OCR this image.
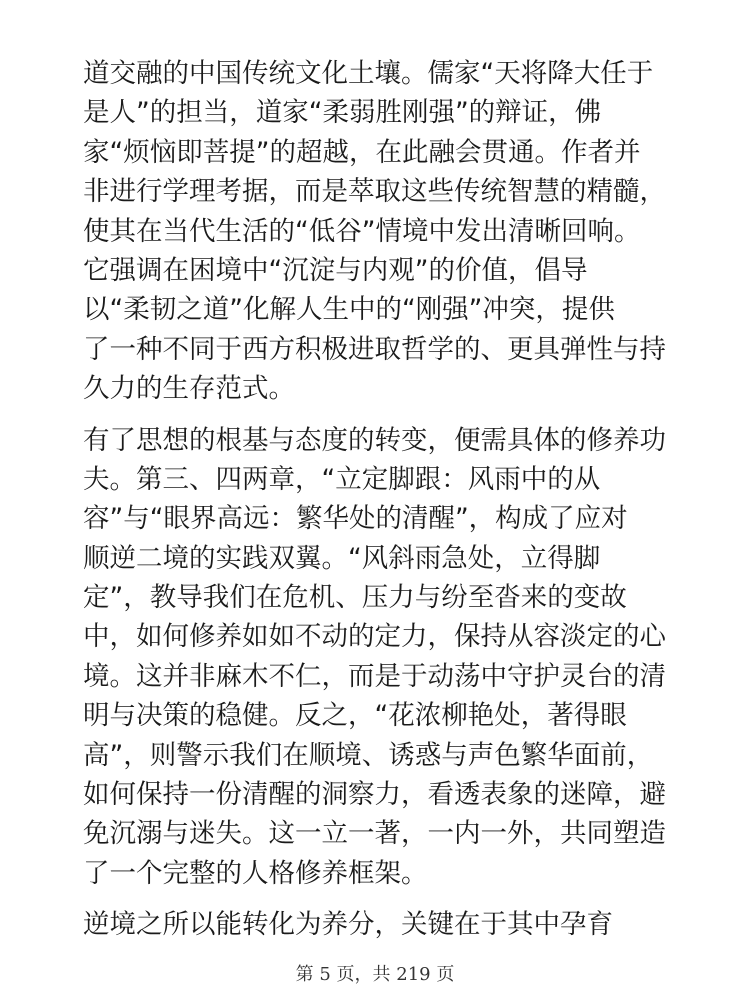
道交融的中国传统文化土壤。儒家“天将降大任于
是人”的担当，道家“柔弱胜刚强”的辩证，佛
家“烦恼即菩提”的超越，在此融会贯通。作者并
非进行学理考据，而是萃取这些传统智慧的精髓，
使其在当代生活的“低谷”情境中发出清晰回响。
它强调在困境中“沉淀与内观”的价值，倡导
以“柔韧之道”化解人生中的“刚强”冲突，提供
了一种不同于西方积极进取哲学的、更具弹性与持
久力的生存范式。

有了思想的根基与态度的转变，便需具体的修养功
夫。第三、四两章，“立定脚跟：风雨中的从
容”与“眼界高远：繁华处的清醒”，构成了应对
顺逆二境的实践双翼。“风斜雨急处，立得脚
定”，教导我们在危机、压力与纷至沓来的变故
中，如何修养如如不动的定力，保持从容淡定的心
境。这并非麻木不仁，而是于动荡中守护灵台的清
明与决策的稳健。反之，“花浓柳艳处，著得眼
高”，则警示我们在顺境、诱惑与声色繁华面前，
如何保持一份清醒的洞察力，看透表象的迷障，避
免沉溺与迷失。这一立一著，一内一外，共同塑造
了一个完整的人格修养框架。

逆境之所以能转化为养分，关键在于其中孕育

第 5 页，共 219 页
